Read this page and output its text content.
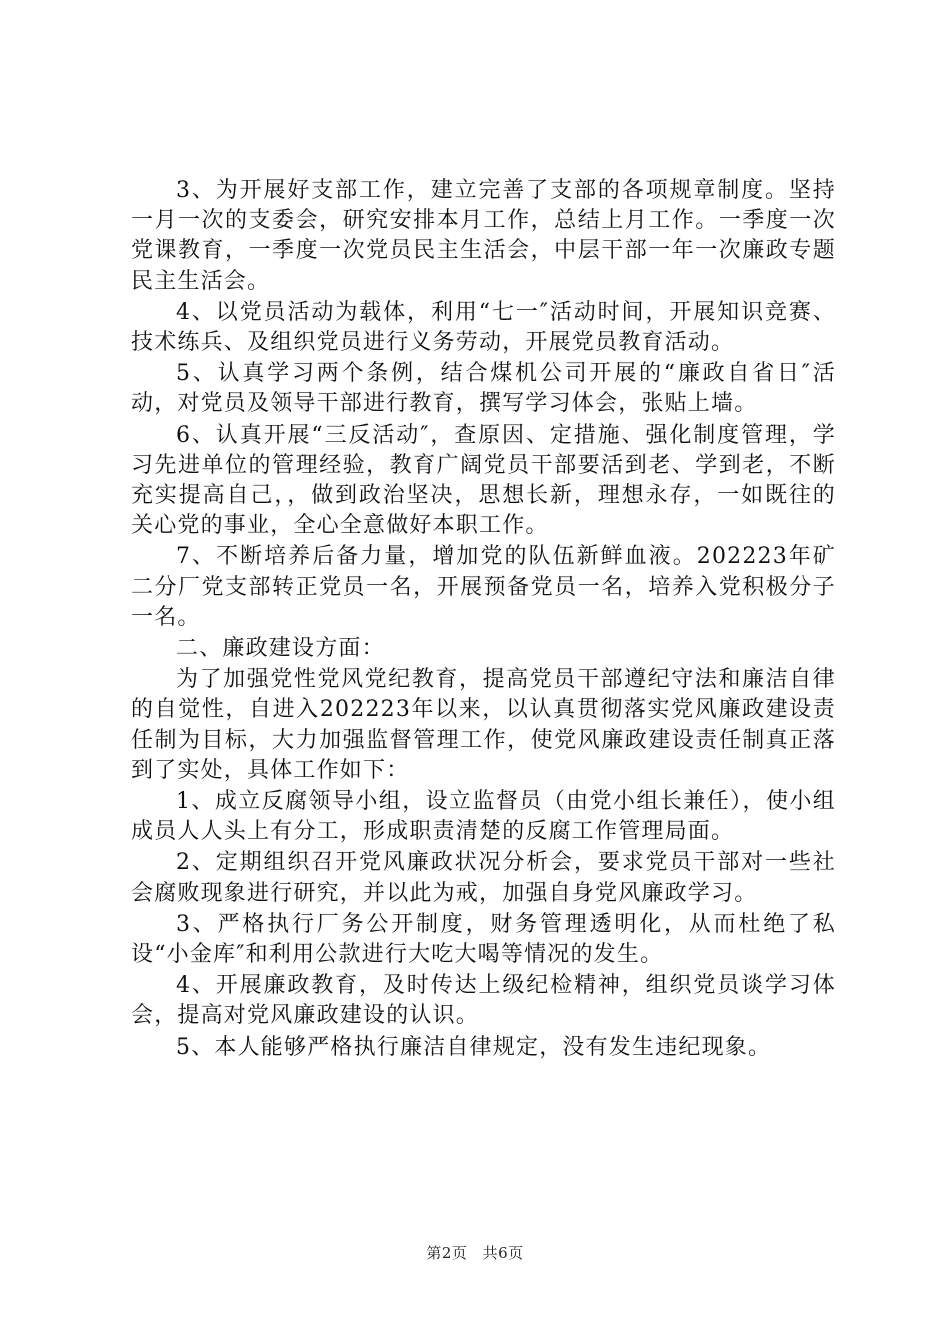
3、为开展好支部工作，建立完善了支部的各项规章制度。坚持一月一次的支委会，研究安排本月工作，总结上月工作。一季度一次党课教育，一季度一次党员民主生活会，中层干部一年一次廉政专题民主生活会。

4、以党员活动为载体，利用“七一″活动时间，开展知识竞赛、技术练兵、及组织党员进行义务劳动，开展党员教育活动。

5、认真学习两个条例，结合煤机公司开展的“廉政自省日″活动，对党员及领导干部进行教育，撰写学习体会，张贴上墙。

6、认真开展“三反活动″，查原因、定措施、强化制度管理，学习先进单位的管理经验，教育广阔党员干部要活到老、学到老，不断充实提高自己，，做到政治坚决，思想长新，理想永存，一如既往的关心党的事业，全心全意做好本职工作。

7、不断培养后备力量，增加党的队伍新鲜血液。202223年矿二分厂党支部转正党员一名，开展预备党员一名，培养入党积极分子一名。

二、廉政建设方面：

为了加强党性党风党纪教育，提高党员干部遵纪守法和廉洁自律的自觉性，自进入202223年以来，以认真贯彻落实党风廉政建设责任制为目标，大力加强监督管理工作，使党风廉政建设责任制真正落到了实处，具体工作如下：

1、成立反腐领导小组，设立监督员（由党小组长兼任），使小组成员人人头上有分工，形成职责清楚的反腐工作管理局面。

2、定期组织召开党风廉政状况分析会，要求党员干部对一些社会腐败现象进行研究，并以此为戒，加强自身党风廉政学习。

3、严格执行厂务公开制度，财务管理透明化，从而杜绝了私设“小金库″和利用公款进行大吃大喝等情况的发生。

4、开展廉政教育，及时传达上级纪检精神，组织党员谈学习体会，提高对党风廉政建设的认识。

5、本人能够严格执行廉洁自律规定，没有发生违纪现象。

第2页 共6页
